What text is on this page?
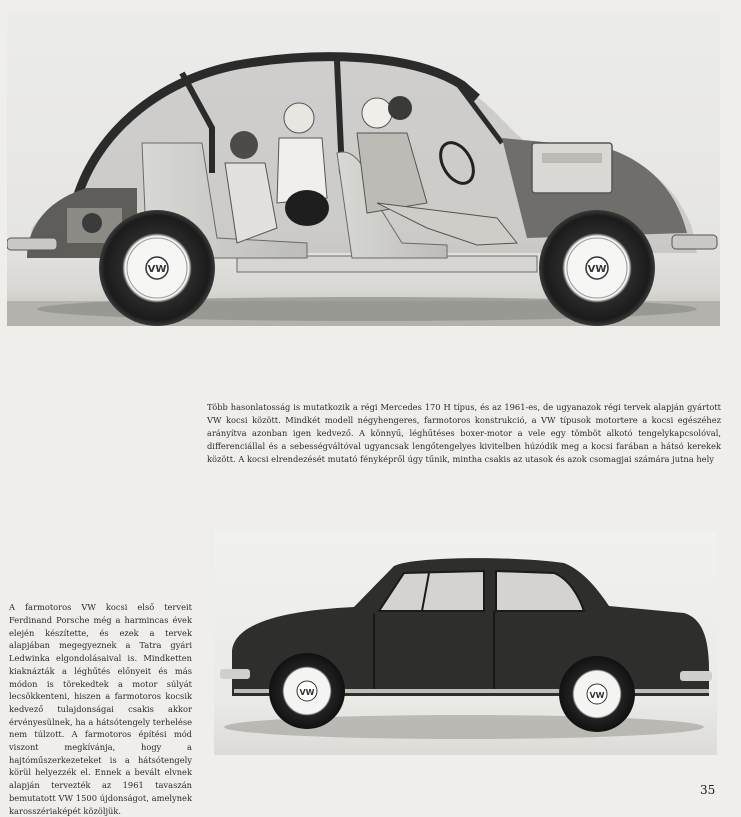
VW	VW

Több hasonlatosság is mutatkozik a régi Mercedes 170 H típus, és az 1961-es, de ugyanazok régi tervek alapján gyártott VW kocsi között. Mindkét modell négyhengeres, farmotoros konstrukció, a VW típusok motortere a kocsi egészéhez arányítva azonban igen kedvező. A könnyű, léghűtéses boxer-motor a vele egy tömböt alkotó tengelykapcsolóval, differenciállal és a sebességváltóval ugyancsak lengőtengelyes kivitelben húzódik meg a kocsi farában a hátsó kerekek között. A kocsi elrendezését mutató fényképről úgy tűnik, mintha csakis az utasok és azok csomagjai számára jutna hely

A farmotoros VW kocsi első terveit Ferdinand Porsche még a harmincas évek elején készítette, és ezek a tervek alapjában megegyeznek a Tatra gyári Ledwinka elgondolásaival is. Mindketten kiaknázták a léghűtés előnyeit és más módon is törekedtek a motor súlyát lecsökkenteni, hiszen a farmotoros kocsik kedvező tulajdonságai csakis akkor érvényesülnek, ha a hátsótengely terhelése nem túlzott. A farmotoros építési mód viszont megkívánja, hogy a hajtóműszerkezeteket is a hátsótengely körül helyezzék el. Ennek a bevált elvnek alapján tervezték az 1961 tavaszán bemutatott VW 1500 újdonságot, amelynek karosszériaképét közöljük.

VW	VW
35
